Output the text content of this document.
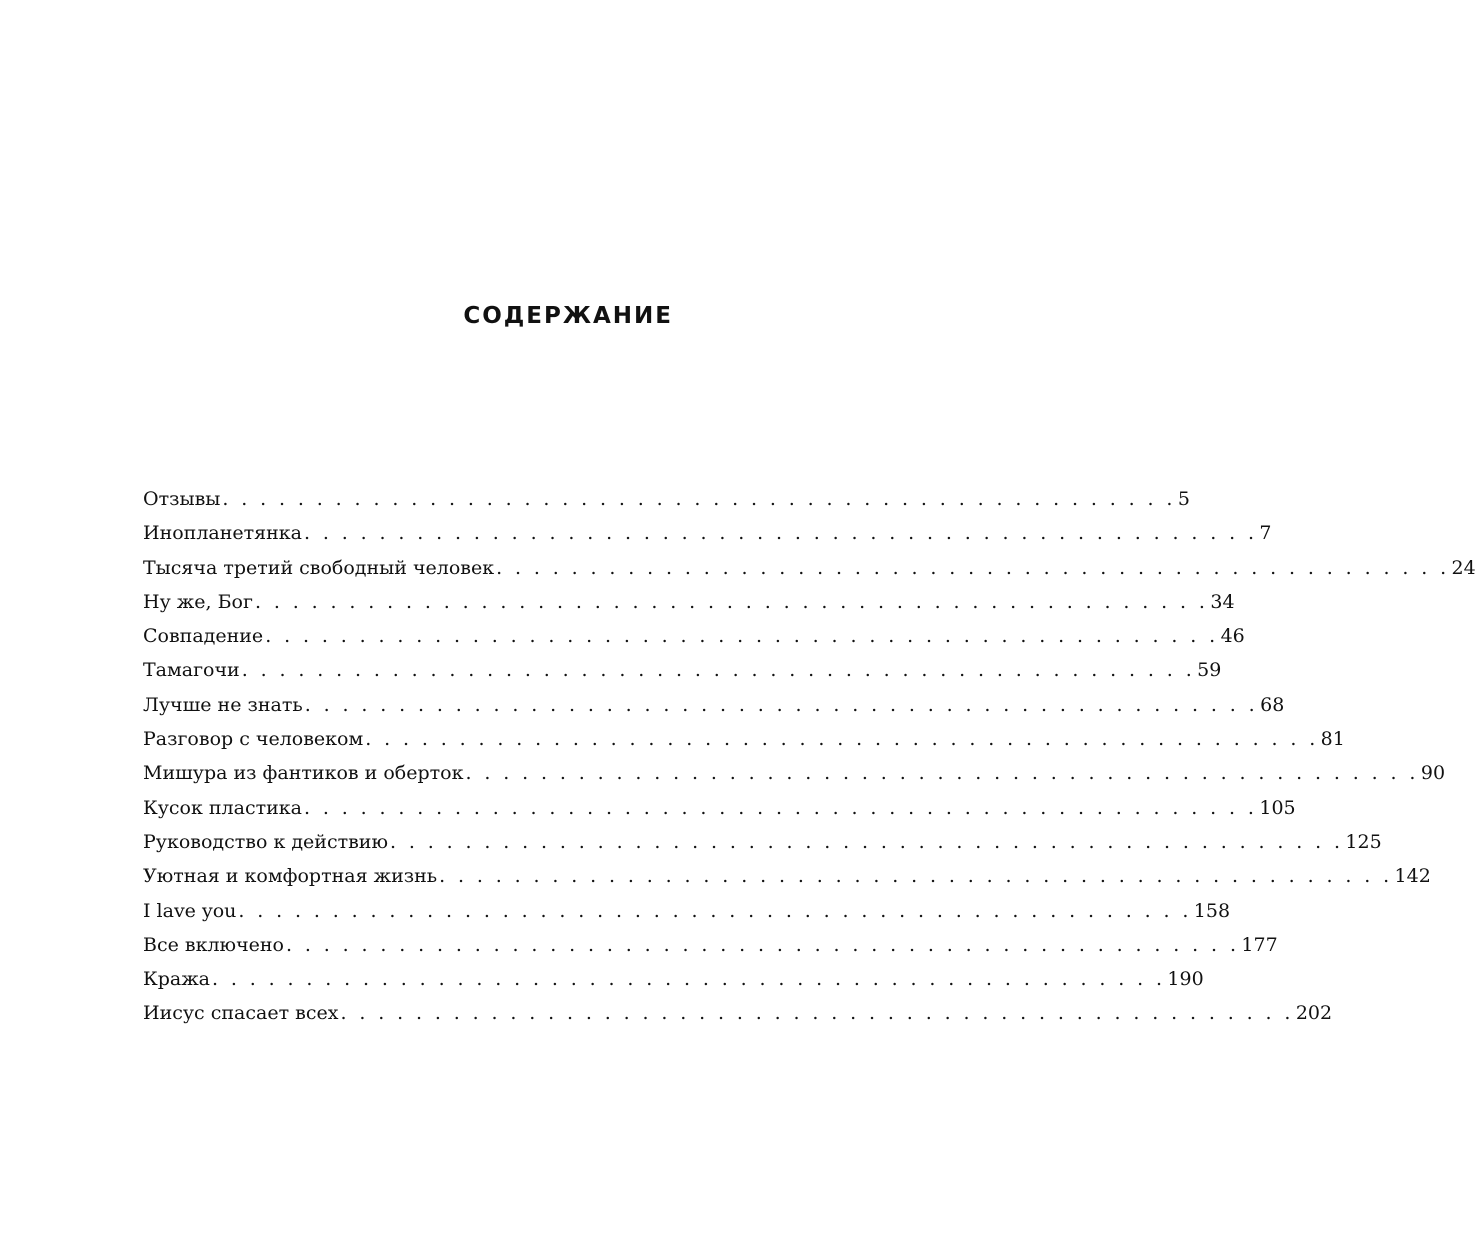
СОДЕРЖАНИЕ
Отзывы . . . . . . . . . . . . . . . . . . . . . . . . . . . . . . . . . . . . . . . . . . . . . . . . . . . 5
Инопланетянка . . . . . . . . . . . . . . . . . . . . . . . . . . . . . . . . . . . . . . . . . . . . . . . . . . . 7
Тысяча третий свободный человек . . . . . . . . . . . . . . . . . . . . . . . . . . . . . . . . . . . . . . . . . . . . . . . . . . . 24
Ну же, Бог . . . . . . . . . . . . . . . . . . . . . . . . . . . . . . . . . . . . . . . . . . . . . . . . . . . 34
Совпадение . . . . . . . . . . . . . . . . . . . . . . . . . . . . . . . . . . . . . . . . . . . . . . . . . . . 46
Тамагочи . . . . . . . . . . . . . . . . . . . . . . . . . . . . . . . . . . . . . . . . . . . . . . . . . . . 59
Лучше не знать . . . . . . . . . . . . . . . . . . . . . . . . . . . . . . . . . . . . . . . . . . . . . . . . . . . 68
Разговор с человеком . . . . . . . . . . . . . . . . . . . . . . . . . . . . . . . . . . . . . . . . . . . . . . . . . . . 81
Мишура из фантиков и оберток . . . . . . . . . . . . . . . . . . . . . . . . . . . . . . . . . . . . . . . . . . . . . . . . . . . 90
Кусок пластика . . . . . . . . . . . . . . . . . . . . . . . . . . . . . . . . . . . . . . . . . . . . . . . . . . . 105
Руководство к действию . . . . . . . . . . . . . . . . . . . . . . . . . . . . . . . . . . . . . . . . . . . . . . . . . . . 125
Уютная и комфортная жизнь . . . . . . . . . . . . . . . . . . . . . . . . . . . . . . . . . . . . . . . . . . . . . . . . . . . 142
I lave you . . . . . . . . . . . . . . . . . . . . . . . . . . . . . . . . . . . . . . . . . . . . . . . . . . . 158
Все включено . . . . . . . . . . . . . . . . . . . . . . . . . . . . . . . . . . . . . . . . . . . . . . . . . . . 177
Кража . . . . . . . . . . . . . . . . . . . . . . . . . . . . . . . . . . . . . . . . . . . . . . . . . . . 190
Иисус спасает всех . . . . . . . . . . . . . . . . . . . . . . . . . . . . . . . . . . . . . . . . . . . . . . . . . . . 202
